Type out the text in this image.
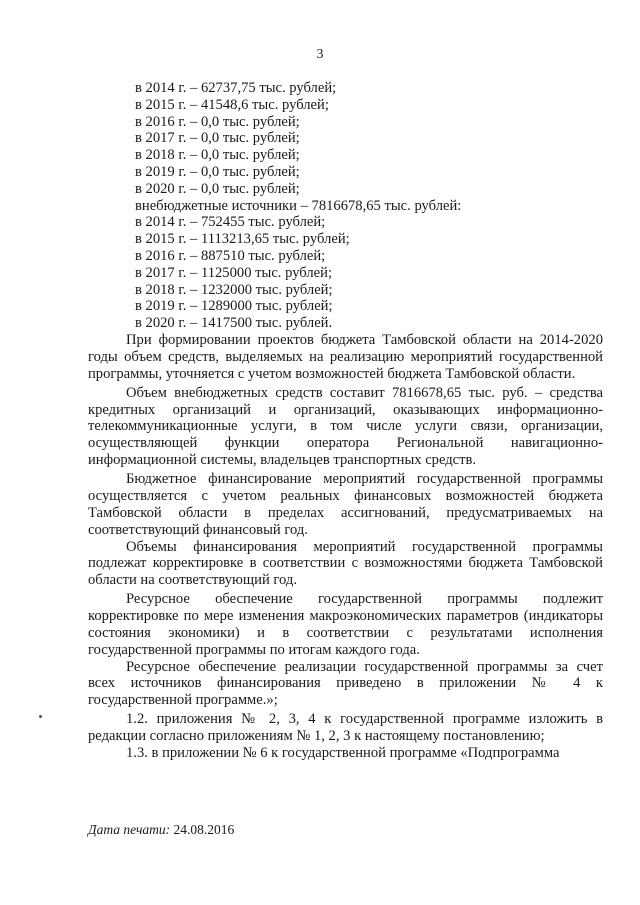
3
в 2014 г. – 62737,75 тыс. рублей;
в 2015 г. – 41548,6 тыс. рублей;
в 2016 г. – 0,0 тыс. рублей;
в 2017 г. – 0,0 тыс. рублей;
в 2018 г. – 0,0 тыс. рублей;
в 2019 г. – 0,0 тыс. рублей;
в 2020 г. – 0,0 тыс. рублей;
внебюджетные источники – 7816678,65 тыс. рублей:
в 2014 г. – 752455 тыс. рублей;
в 2015 г. – 1113213,65 тыс. рублей;
в 2016 г. – 887510 тыс. рублей;
в 2017 г. – 1125000 тыс. рублей;
в 2018 г. – 1232000 тыс. рублей;
в 2019 г. – 1289000 тыс. рублей;
в 2020 г. – 1417500 тыс. рублей.

При формировании проектов бюджета Тамбовской области на 2014-2020 годы объем средств, выделяемых на реализацию мероприятий государственной программы, уточняется с учетом возможностей бюджета Тамбовской области.

Объем внебюджетных средств составит 7816678,65 тыс. руб. – средства кредитных организаций и организаций, оказывающих информационно-телекоммуникационные услуги, в том числе услуги связи, организации, осуществляющей функции оператора Региональной навигационно-информационной системы, владельцев транспортных средств.

Бюджетное финансирование мероприятий государственной программы осуществляется с учетом реальных финансовых возможностей бюджета Тамбовской области в пределах ассигнований, предусматриваемых на соответствующий финансовый год.

Объемы финансирования мероприятий государственной программы подлежат корректировке в соответствии с возможностями бюджета Тамбовской области на соответствующий год.

Ресурсное обеспечение государственной программы подлежит корректировке по мере изменения макроэкономических параметров (индикаторы состояния экономики) и в соответствии с результатами исполнения государственной программы по итогам каждого года.

Ресурсное обеспечение реализации государственной программы за счет всех источников финансирования приведено в приложении № 4 к государственной программе.»;

1.2. приложения № 2, 3, 4 к государственной программе изложить в редакции согласно приложениям № 1, 2, 3 к настоящему постановлению;

1.3. в приложении № 6 к государственной программе «Подпрограмма

Дата печати: 24.08.2016
